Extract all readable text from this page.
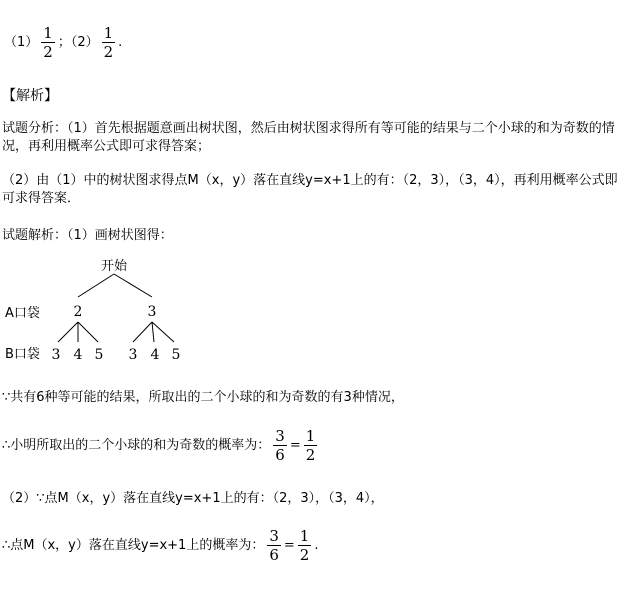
$(1) \frac{1}{2}$ ；$(2) \frac{1}{2}$ .
【解析】
试题分析：（1）首先根据题意画出树状图，然后由树状图求得所有等可能的结果与二个小球的和为奇数的情况，再利用概率公式即可求得答案；
（2）由（1）中的树状图求得点M（x，y）落在直线y=x+1上的有：（2，3），（3，4），再利用概率公式即可求得答案．
试题解析：（1）画树状图得：
开始
A口袋 2	3
B口袋 3 4 5 3 4 5
∵共有6种等可能的结果，所取出的二个小球的和为奇数的有3种情况，
∴小明所取出的二个小球的和为奇数的概率为： $\frac{3}{6} = \frac{1}{2}$
（2）∵点M（x，y）落在直线y=x+1上的有：（2，3），（3，4），
∴点M（x，y）落在直线y=x+1上的概率为： $\frac{3}{6} = \frac{1}{2}$ .
